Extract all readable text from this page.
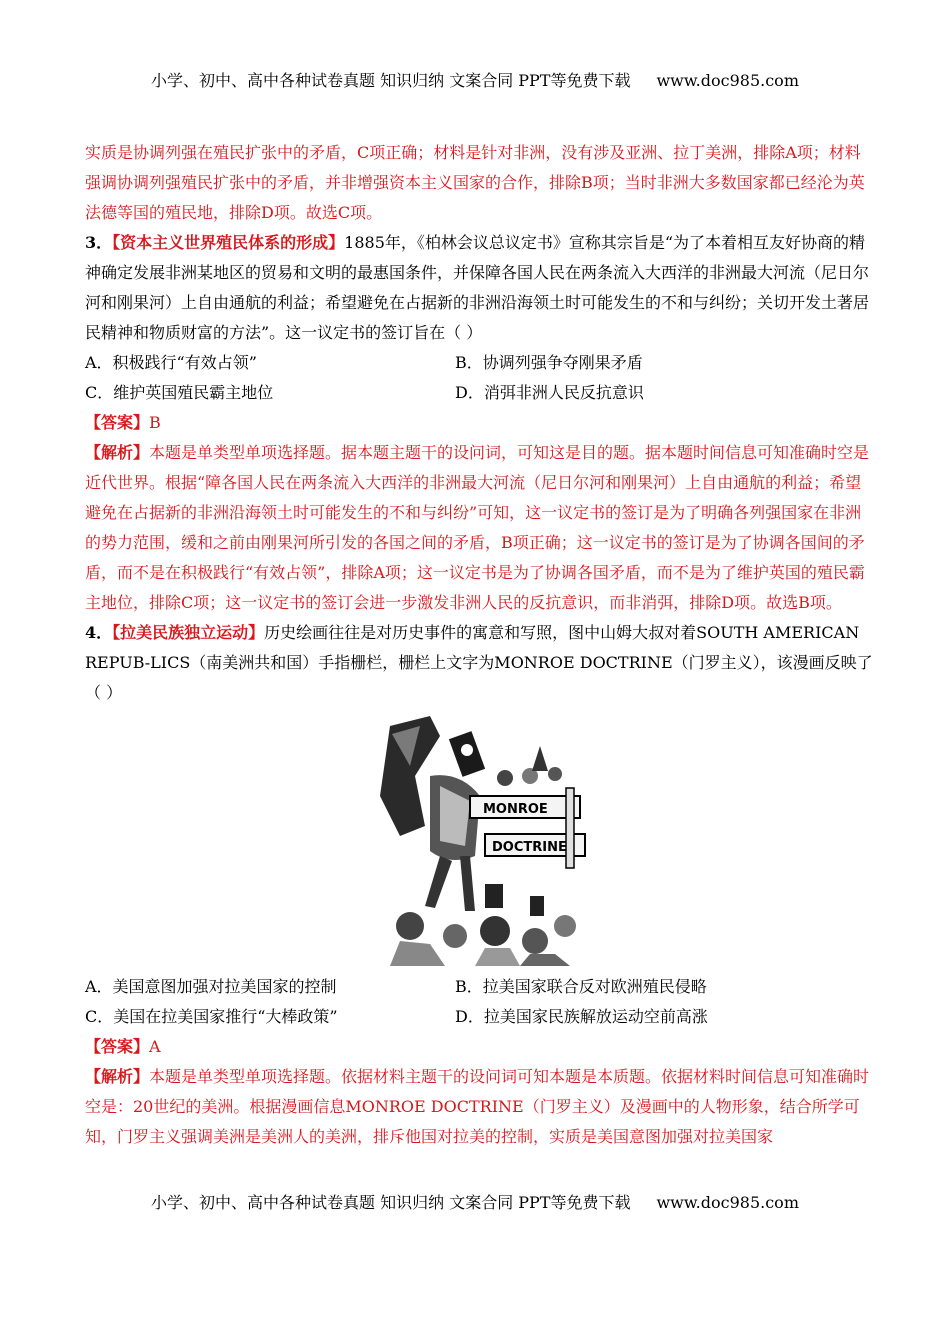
小学、初中、高中各种试卷真题 知识归纳 文案合同 PPT等免费下载 www.doc985.com

实质是协调列强在殖民扩张中的矛盾，C项正确；材料是针对非洲，没有涉及亚洲、拉丁美洲，排除A项；材料强调协调列强殖民扩张中的矛盾，并非增强资本主义国家的合作，排除B项；当时非洲大多数国家都已经沦为英法德等国的殖民地，排除D项。故选C项。

3．【资本主义世界殖民体系的形成】1885年，《柏林会议总议定书》宣称其宗旨是“为了本着相互友好协商的精神确定发展非洲某地区的贸易和文明的最惠国条件，并保障各国人民在两条流入大西洋的非洲最大河流（尼日尔河和刚果河）上自由通航的利益；希望避免在占据新的非洲沿海领土时可能发生的不和与纠纷；关切开发土著居民精神和物质财富的方法”。这一议定书的签订旨在（ ）

A．积极践行“有效占领”	B．协调列强争夺刚果矛盾
C．维护英国殖民霸主地位	D．消弭非洲人民反抗意识

【答案】B

【解析】本题是单类型单项选择题。据本题主题干的设问词，可知这是目的题。据本题时间信息可知准确时空是近代世界。根据“障各国人民在两条流入大西洋的非洲最大河流（尼日尔河和刚果河）上自由通航的利益；希望避免在占据新的非洲沿海领土时可能发生的不和与纠纷”可知，这一议定书的签订是为了明确各列强国家在非洲的势力范围，缓和之前由刚果河所引发的各国之间的矛盾，B项正确；这一议定书的签订是为了协调各国间的矛盾，而不是在积极践行“有效占领”，排除A项；这一议定书是为了协调各国矛盾，而不是为了维护英国的殖民霸主地位，排除C项；这一议定书的签订会进一步激发非洲人民的反抗意识，而非消弭，排除D项。故选B项。

4．【拉美民族独立运动】历史绘画往往是对历史事件的寓意和写照，图中山姆大叔对着SOUTH AMERICAN REPUB-LICS（南美洲共和国）手指栅栏，栅栏上文字为MONROE DOCTRINE（门罗主义），该漫画反映了（ ）

MONROE
DOCTRINE
A．美国意图加强对拉美国家的控制	B．拉美国家联合反对欧洲殖民侵略
C．美国在拉美国家推行“大棒政策”	D．拉美国家民族解放运动空前高涨

【答案】A

【解析】本题是单类型单项选择题。依据材料主题干的设问词可知本题是本质题。依据材料时间信息可知准确时空是：20世纪的美洲。根据漫画信息MONROE DOCTRINE（门罗主义）及漫画中的人物形象，结合所学可知，门罗主义强调美洲是美洲人的美洲，排斥他国对拉美的控制，实质是美国意图加强对拉美国家

小学、初中、高中各种试卷真题 知识归纳 文案合同 PPT等免费下载 www.doc985.com
